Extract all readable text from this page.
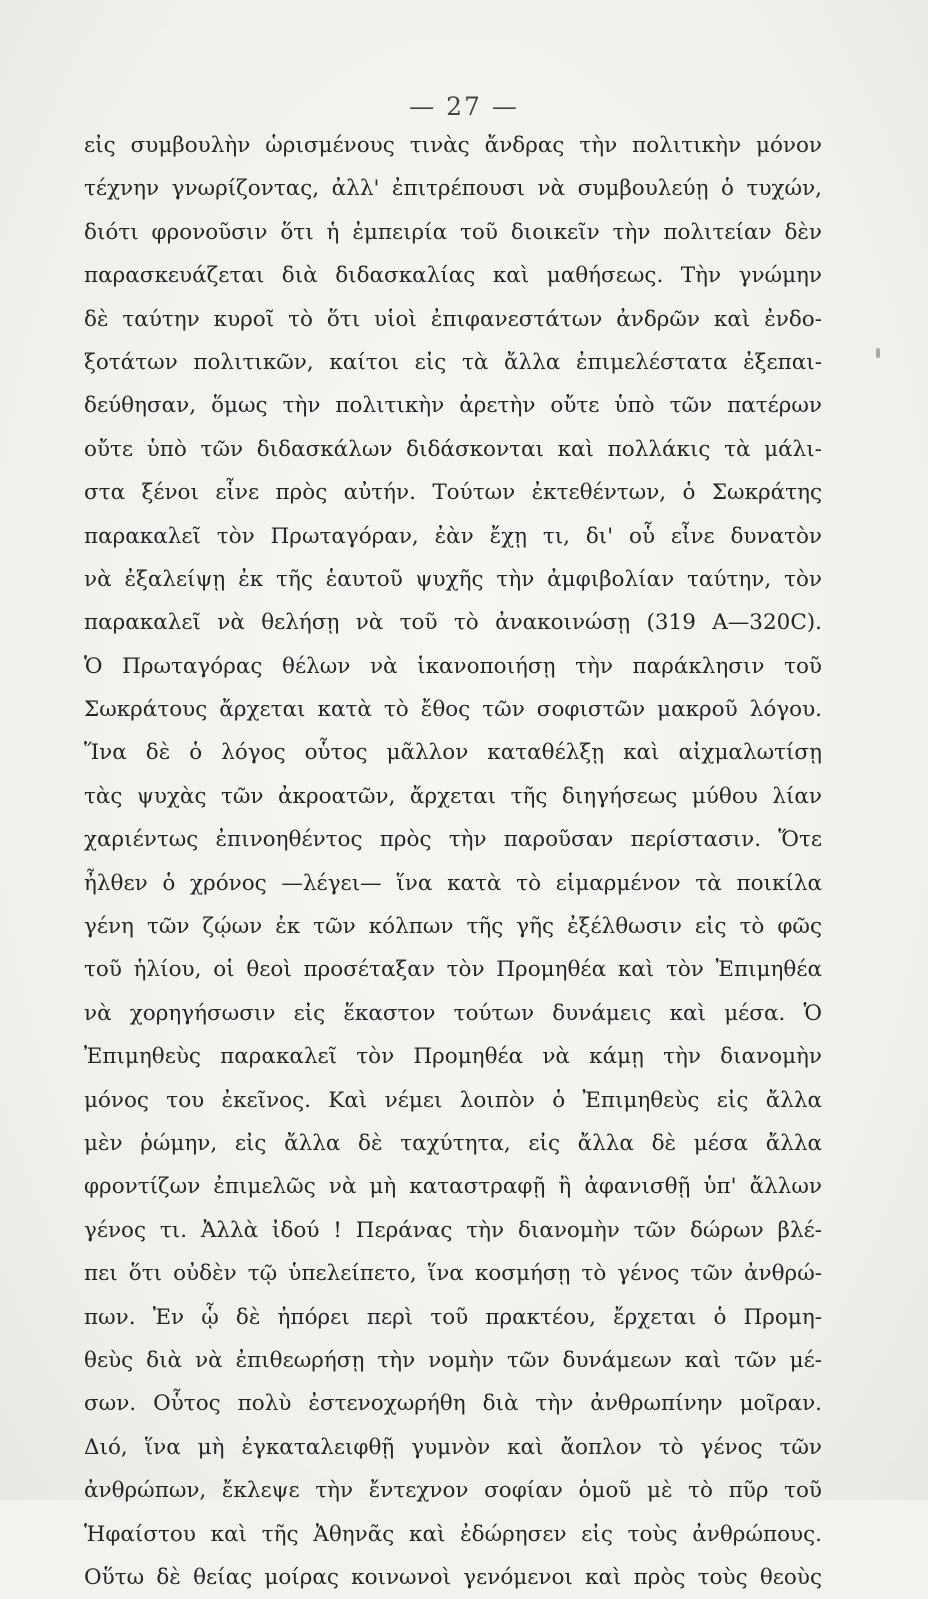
— 27 —
εἰς συμβουλὴν ὡρισμένους τινὰς ἄνδρας τὴν πολιτικὴν μόνον
τέχνην γνωρίζοντας, ἀλλ' ἐπιτρέπουσι νὰ συμβουλεύῃ ὁ τυχών,
διότι φρονοῦσιν ὅτι ἡ ἐμπειρία τοῦ διοικεῖν τὴν πολιτείαν δὲν
παρασκευάζεται διὰ διδασκαλίας καὶ μαθήσεως. Τὴν γνώμην
δὲ ταύτην κυροῖ τὸ ὅτι υἱοὶ ἐπιφανεστάτων ἀνδρῶν καὶ ἐνδο-
ξοτάτων πολιτικῶν, καίτοι εἰς τὰ ἄλλα ἐπιμελέστατα ἐξεπαι-
δεύθησαν, ὅμως τὴν πολιτικὴν ἀρετὴν οὔτε ὑπὸ τῶν πατέρων
οὔτε ὑπὸ τῶν διδασκάλων διδάσκονται καὶ πολλάκις τὰ μάλι-
στα ξένοι εἶνε πρὸς αὐτήν. Τούτων ἐκτεθέντων, ὁ Σωκράτης
παρακαλεῖ τὸν Πρωταγόραν, ἐὰν ἔχῃ τι, δι' οὗ εἶνε δυνατὸν
νὰ ἐξαλείψῃ ἐκ τῆς ἑαυτοῦ ψυχῆς τὴν ἀμφιβολίαν ταύτην, τὸν
παρακαλεῖ νὰ θελήσῃ νὰ τοῦ τὸ ἀνακοινώσῃ (319 A—320C).
Ὁ Πρωταγόρας θέλων νὰ ἱκανοποιήσῃ τὴν παράκλησιν τοῦ
Σωκράτους ἄρχεται κατὰ τὸ ἔθος τῶν σοφιστῶν μακροῦ λόγου.
Ἵνα δὲ ὁ λόγος οὗτος μᾶλλον καταθέλξῃ καὶ αἰχμαλωτίσῃ
τὰς ψυχὰς τῶν ἀκροατῶν, ἄρχεται τῆς διηγήσεως μύθου λίαν
χαριέντως ἐπινοηθέντος πρὸς τὴν παροῦσαν περίστασιν. Ὅτε
ἦλθεν ὁ χρόνος —λέγει— ἵνα κατὰ τὸ εἱμαρμένον τὰ ποικίλα
γένη τῶν ζῴων ἐκ τῶν κόλπων τῆς γῆς ἐξέλθωσιν εἰς τὸ φῶς
τοῦ ἡλίου, οἱ θεοὶ προσέταξαν τὸν Προμηθέα καὶ τὸν Ἐπιμηθέα
νὰ χορηγήσωσιν εἰς ἕκαστον τούτων δυνάμεις καὶ μέσα. Ὁ
Ἐπιμηθεὺς παρακαλεῖ τὸν Προμηθέα νὰ κάμῃ τὴν διανομὴν
μόνος του ἐκεῖνος. Καὶ νέμει λοιπὸν ὁ Ἐπιμηθεὺς εἰς ἄλλα
μὲν ῥώμην, εἰς ἄλλα δὲ ταχύτητα, εἰς ἄλλα δὲ μέσα ἄλλα
φροντίζων ἐπιμελῶς νὰ μὴ καταστραφῇ ἢ ἀφανισθῇ ὑπ' ἄλλων
γένος τι. Ἀλλὰ ἰδού ! Περάνας τὴν διανομὴν τῶν δώρων βλέ-
πει ὅτι οὐδὲν τῷ ὑπελείπετο, ἵνα κοσμήσῃ τὸ γένος τῶν ἀνθρώ-
πων. Ἐν ᾧ δὲ ἠπόρει περὶ τοῦ πρακτέου, ἔρχεται ὁ Προμη-
θεὺς διὰ νὰ ἐπιθεωρήσῃ τὴν νομὴν τῶν δυνάμεων καὶ τῶν μέ-
σων. Οὗτος πολὺ ἐστενοχωρήθη διὰ τὴν ἀνθρωπίνην μοῖραν.
Διό, ἵνα μὴ ἐγκαταλειφθῇ γυμνὸν καὶ ἄοπλον τὸ γένος τῶν
ἀνθρώπων, ἔκλεψε τὴν ἔντεχνον σοφίαν ὁμοῦ μὲ τὸ πῦρ τοῦ
Ἡφαίστου καὶ τῆς Ἀθηνᾶς καὶ ἐδώρησεν εἰς τοὺς ἀνθρώπους.
Οὕτω δὲ θείας μοίρας κοινωνοὶ γενόμενοι καὶ πρὸς τοὺς θεοὺς
